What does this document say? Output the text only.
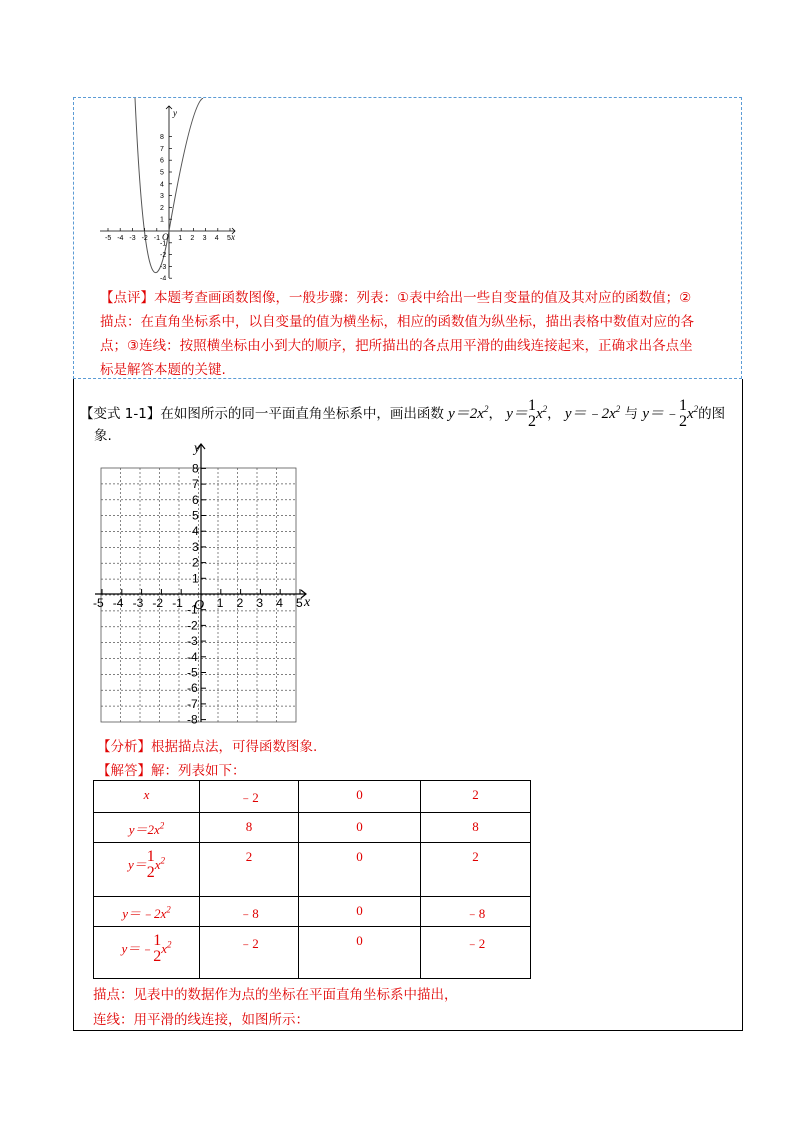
8
7
6
5
4
3
2
1
-1
-2
-3
-4
-5 -4 -3 -2 -1	1 2 3 4 5
y
x
O
【点评】本题考查画函数图像，一般步骤：列表：①表中给出一些自变量的值及其对应的函数值；②
描点：在直角坐标系中，以自变量的值为横坐标，相应的函数值为纵坐标，描出表格中数值对应的各
点；③连线：按照横坐标由小到大的顺序，把所描出的各点用平滑的曲线连接起来，正确求出各点坐
标是解答本题的关键.
【变式 1-1】在如图所示的同一平面直角坐标系中，画出函数 $y=2x^2$， y＝ 1
2 $x^2$， $y=﹣2x^2$ 与 y＝﹣ 1
2 $x^2$的图
象.
8
7
6
5
4
3
2
1
-1
-2
-3
-4
-5
-6
-7
-8
-5 -4 -3 -2 -1	1 2 3 4 5
y
x
O
【分析】根据描点法，可得函数图象.
【解答】解：列表如下：
x	﹣2	0	2
$y=2x^2$	8	0	8
y＝ 1
2 $x^2$	2	0	2
$y=﹣2x^2$	﹣8	0	﹣8
y＝﹣ 1
2 $x^2$	﹣2	0	﹣2
描点：见表中的数据作为点的坐标在平面直角坐标系中描出，
连线：用平滑的线连接，如图所示：
